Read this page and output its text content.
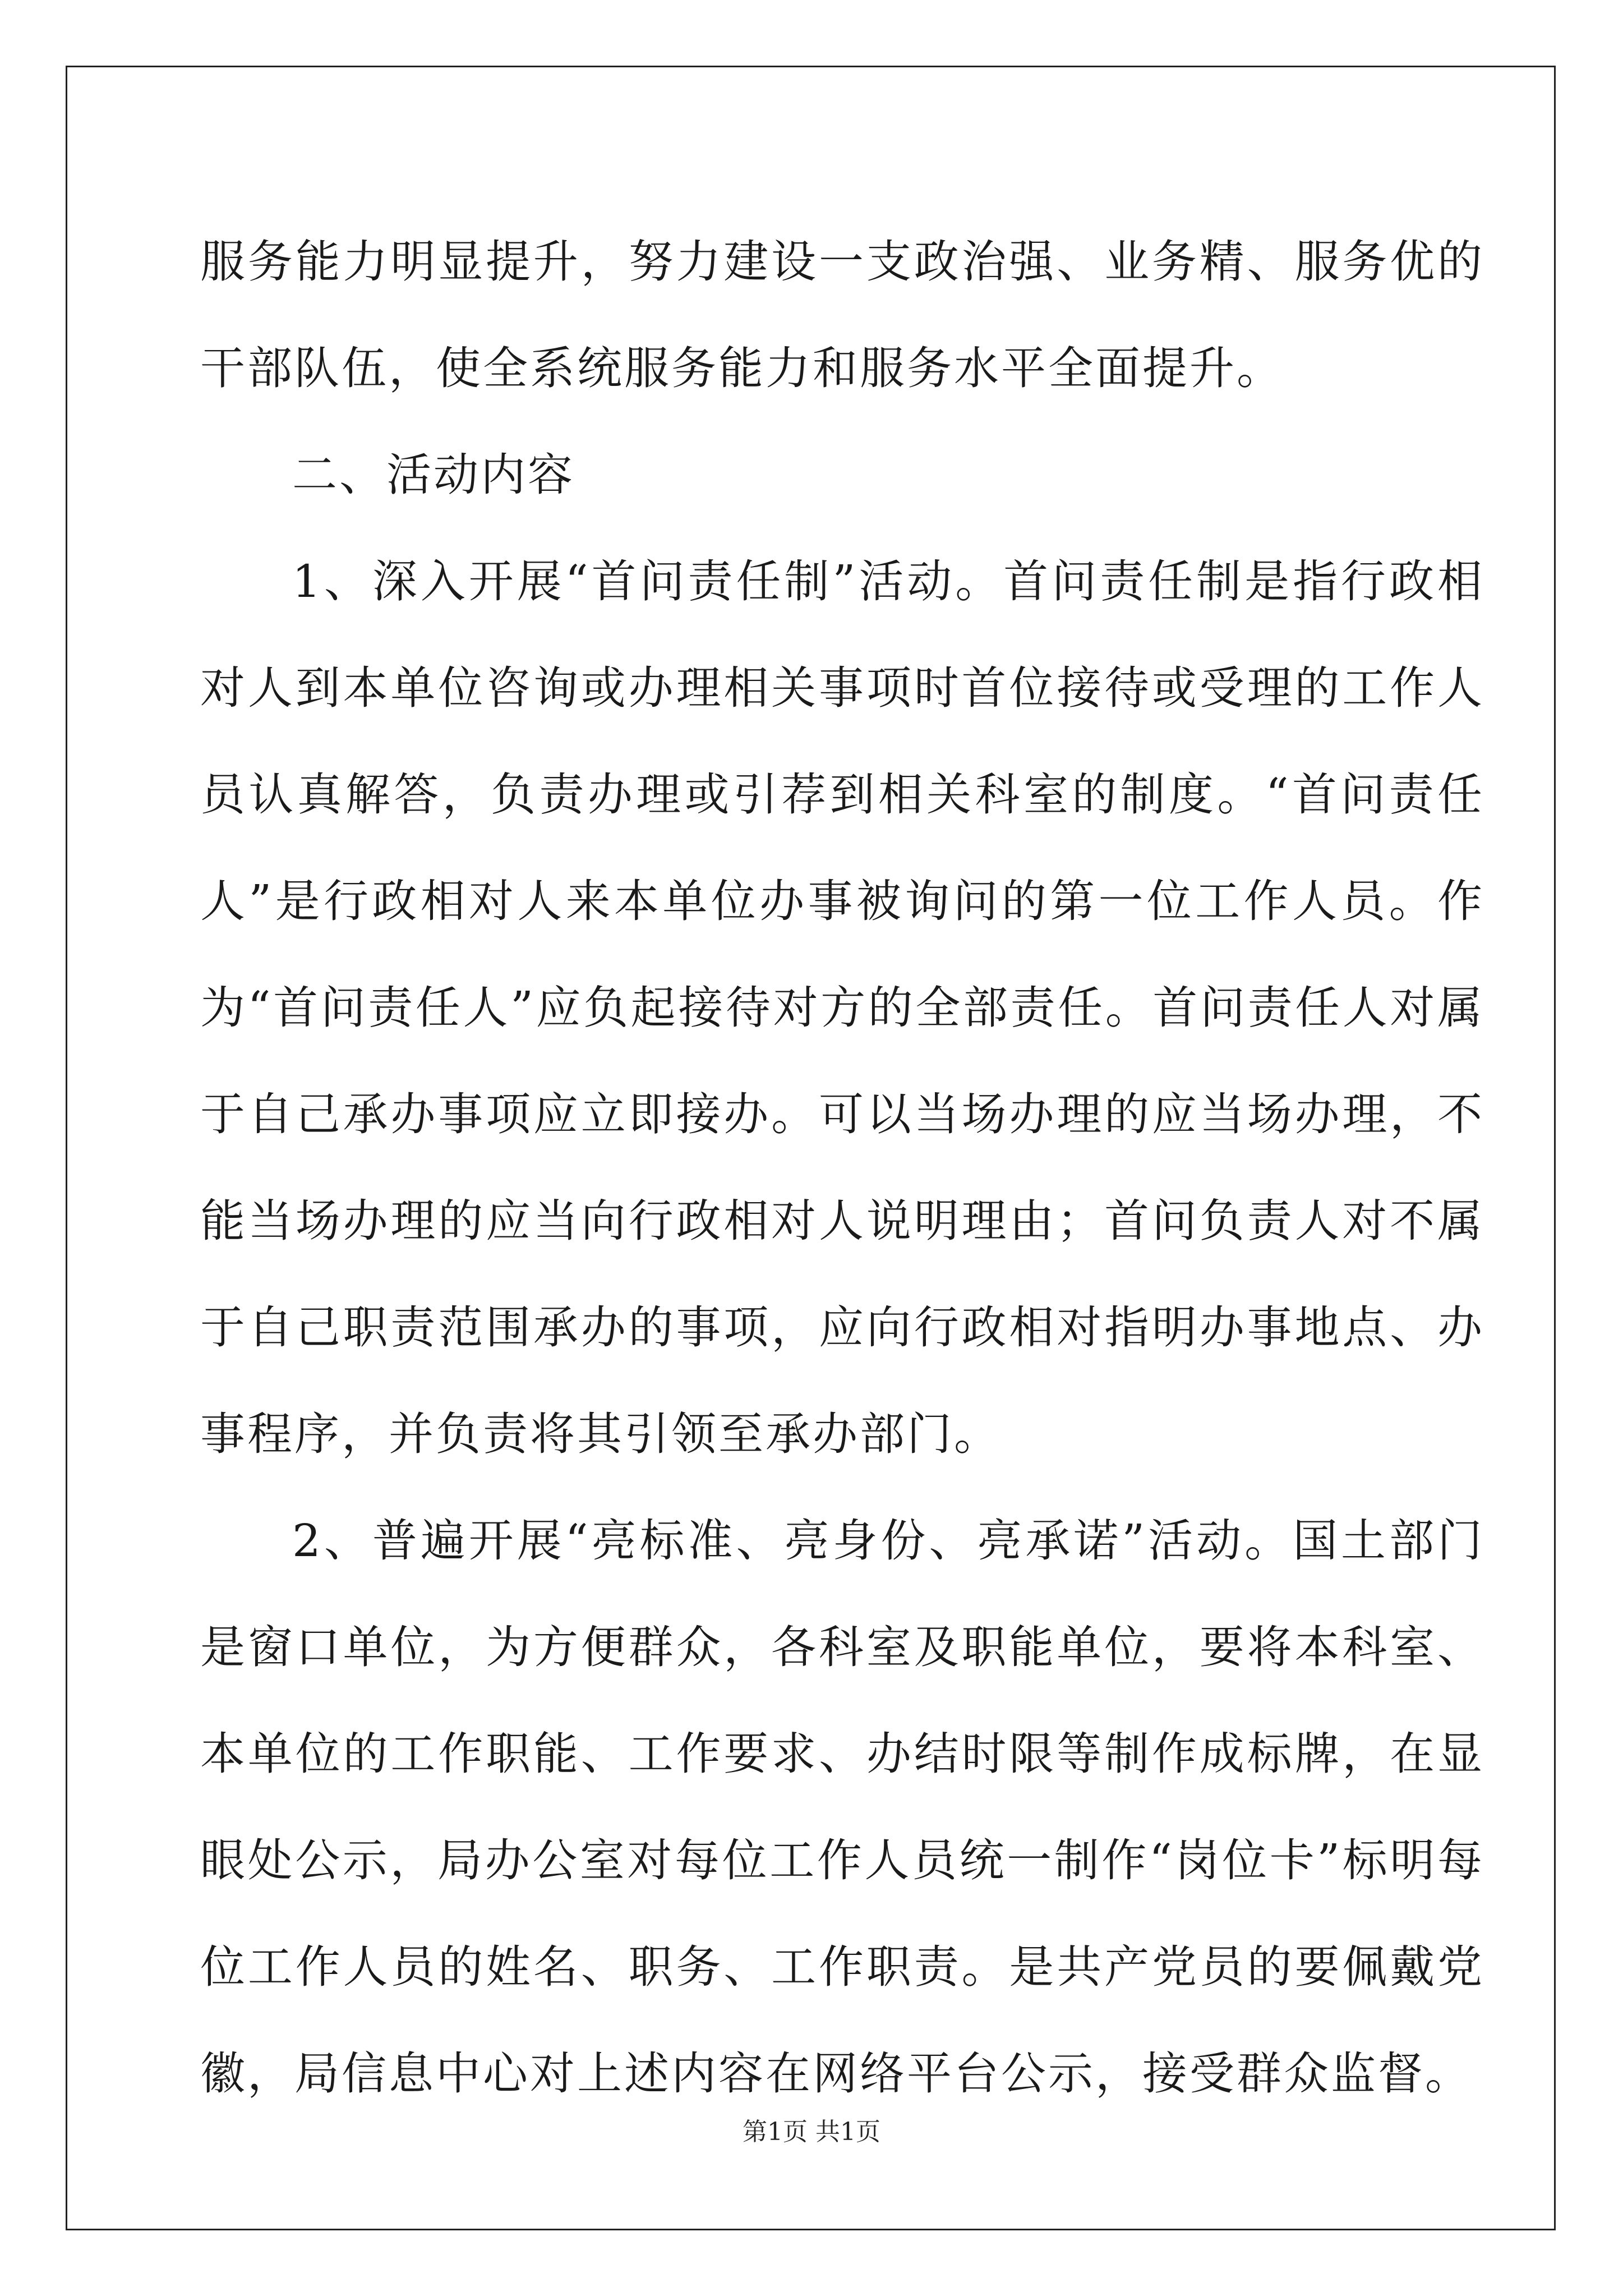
服务能力明显提升，努力建设一支政治强、业务精、服务优的干部队伍，使全系统服务能力和服务水平全面提升。

二、活动内容

1、深入开展“首问责任制”活动。首问责任制是指行政相对人到本单位咨询或办理相关事项时首位接待或受理的工作人员认真解答，负责办理或引荐到相关科室的制度。“首问责任人”是行政相对人来本单位办事被询问的第一位工作人员。作为“首问责任人”应负起接待对方的全部责任。首问责任人对属于自己承办事项应立即接办。可以当场办理的应当场办理，不能当场办理的应当向行政相对人说明理由；首问负责人对不属于自己职责范围承办的事项，应向行政相对指明办事地点、办事程序，并负责将其引领至承办部门。

2、普遍开展“亮标准、亮身份、亮承诺”活动。国土部门是窗口单位，为方便群众，各科室及职能单位，要将本科室、本单位的工作职能、工作要求、办结时限等制作成标牌，在显眼处公示，局办公室对每位工作人员统一制作“岗位卡”标明每位工作人员的姓名、职务、工作职责。是共产党员的要佩戴党徽，局信息中心对上述内容在网络平台公示，接受群众监督。

第1页 共1页
